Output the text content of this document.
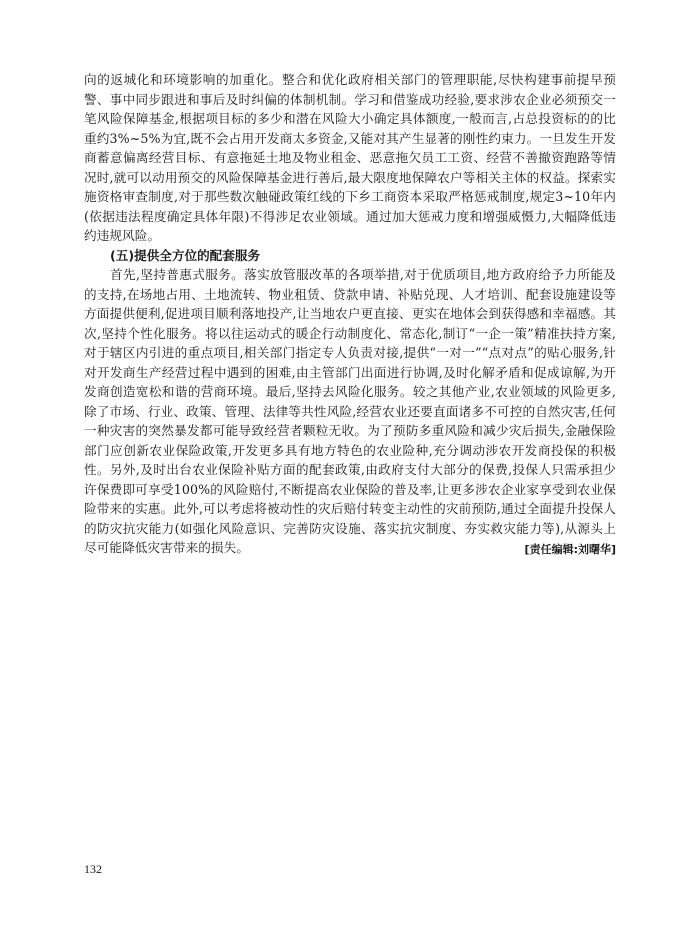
向的返城化和环境影响的加重化。整合和优化政府相关部门的管理职能,尽快构建事前提早预警、事中同步跟进和事后及时纠偏的体制机制。学习和借鉴成功经验,要求涉农企业必须预交一笔风险保障基金,根据项目标的多少和潜在风险大小确定具体额度,一般而言,占总投资标的的比重约3%~5%为宜,既不会占用开发商太多资金,又能对其产生显著的刚性约束力。一旦发生开发商蓄意偏离经营目标、有意拖延土地及物业租金、恶意拖欠员工工资、经营不善撤资跑路等情况时,就可以动用预交的风险保障基金进行善后,最大限度地保障农户等相关主体的权益。探索实施资格审查制度,对于那些数次触碰政策红线的下乡工商资本采取严格惩戒制度,规定3~10年内(依据违法程度确定具体年限)不得涉足农业领域。通过加大惩戒力度和增强威慑力,大幅降低违约违规风险。

(五)提供全方位的配套服务

首先,坚持普惠式服务。落实放管服改革的各项举措,对于优质项目,地方政府给予力所能及的支持,在场地占用、土地流转、物业租赁、贷款申请、补贴兑现、人才培训、配套设施建设等方面提供便利,促进项目顺利落地投产,让当地农户更直接、更实在地体会到获得感和幸福感。其次,坚持个性化服务。将以往运动式的暖企行动制度化、常态化,制订“一企一策”精准扶持方案,对于辖区内引进的重点项目,相关部门指定专人负责对接,提供“一对一”“点对点”的贴心服务,针对开发商生产经营过程中遇到的困难,由主管部门出面进行协调,及时化解矛盾和促成谅解,为开发商创造宽松和谐的营商环境。最后,坚持去风险化服务。较之其他产业,农业领域的风险更多,除了市场、行业、政策、管理、法律等共性风险,经营农业还要直面诸多不可控的自然灾害,任何一种灾害的突然暴发都可能导致经营者颗粒无收。为了预防多重风险和减少灾后损失,金融保险部门应创新农业保险政策,开发更多具有地方特色的农业险种,充分调动涉农开发商投保的积极性。另外,及时出台农业保险补贴方面的配套政策,由政府支付大部分的保费,投保人只需承担少许保费即可享受100%的风险赔付,不断提高农业保险的普及率,让更多涉农企业家享受到农业保险带来的实惠。此外,可以考虑将被动性的灾后赔付转变主动性的灾前预防,通过全面提升投保人的防灾抗灾能力(如强化风险意识、完善防灾设施、落实抗灾制度、夯实救灾能力等),从源头上尽可能降低灾害带来的损失。	[责任编辑:刘曙华]
132
